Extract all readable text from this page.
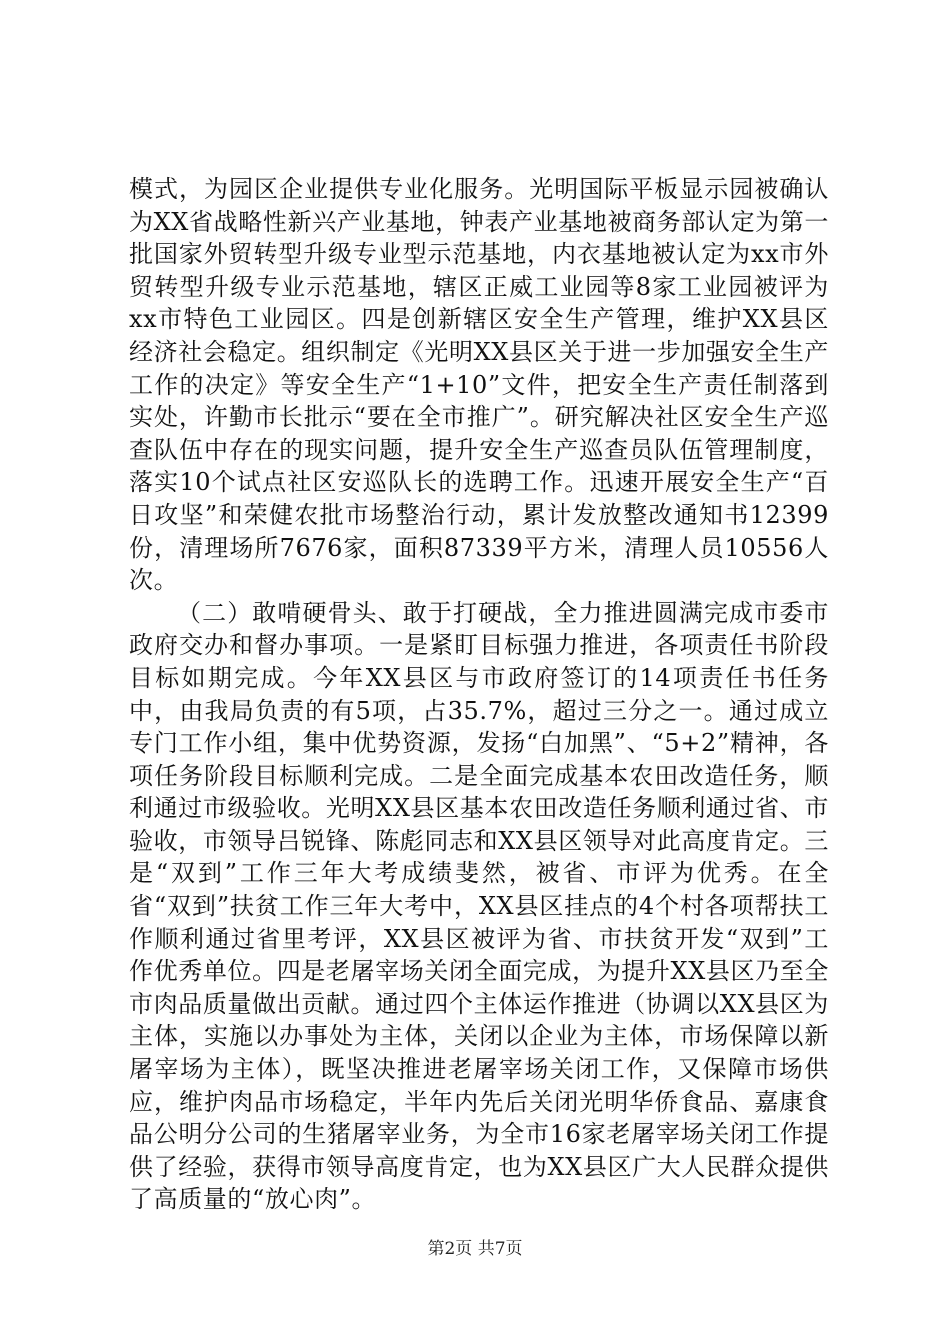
模式，为园区企业提供专业化服务。光明国际平板显示园被确认为XX省战略性新兴产业基地，钟表产业基地被商务部认定为第一批国家外贸转型升级专业型示范基地，内衣基地被认定为xx市外贸转型升级专业示范基地，辖区正威工业园等8家工业园被评为xx市特色工业园区。四是创新辖区安全生产管理，维护XX县区经济社会稳定。组织制定《光明XX县区关于进一步加强安全生产工作的决定》等安全生产“1+10”文件，把安全生产责任制落到实处，许勤市长批示“要在全市推广”。研究解决社区安全生产巡查队伍中存在的现实问题，提升安全生产巡查员队伍管理制度，落实10个试点社区安巡队长的选聘工作。迅速开展安全生产“百日攻坚”和荣健农批市场整治行动，累计发放整改通知书12399份，清理场所7676家，面积87339平方米，清理人员10556人次。

（二）敢啃硬骨头、敢于打硬战，全力推进圆满完成市委市政府交办和督办事项。一是紧盯目标强力推进，各项责任书阶段目标如期完成。今年XX县区与市政府签订的14项责任书任务中，由我局负责的有5项，占35.7%，超过三分之一。通过成立专门工作小组，集中优势资源，发扬“白加黑”、“5+2”精神，各项任务阶段目标顺利完成。二是全面完成基本农田改造任务，顺利通过市级验收。光明XX县区基本农田改造任务顺利通过省、市验收，市领导吕锐锋、陈彪同志和XX县区领导对此高度肯定。三是“双到”工作三年大考成绩斐然，被省、市评为优秀。在全省“双到”扶贫工作三年大考中，XX县区挂点的4个村各项帮扶工作顺利通过省里考评，XX县区被评为省、市扶贫开发“双到”工作优秀单位。四是老屠宰场关闭全面完成，为提升XX县区乃至全市肉品质量做出贡献。通过四个主体运作推进（协调以XX县区为主体，实施以办事处为主体，关闭以企业为主体，市场保障以新屠宰场为主体），既坚决推进老屠宰场关闭工作，又保障市场供应，维护肉品市场稳定，半年内先后关闭光明华侨食品、嘉康食品公明分公司的生猪屠宰业务，为全市16家老屠宰场关闭工作提供了经验，获得市领导高度肯定，也为XX县区广大人民群众提供了高质量的“放心肉”。

第2页 共7页
